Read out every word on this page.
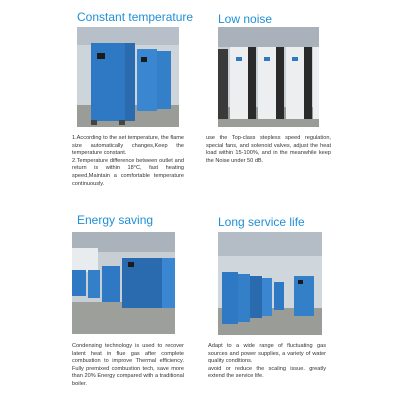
Constant temperature

1.According to the set temperature, the flame size automatically changes,Keep the temperature constant.

2.Temperature difference between outlet and return is within 18°C, fast heating speed,Maintain a comfortable temperature continuously.

Low noise

use the Top-class stepless speed regulation, special fans, and solenoid valves, adjust the heat load within 15-100%, and in the meanwhile keep the Noise under 50 dB.

Energy saving

Condensing technology is used to recover latent heat in flue gas after complete combustion to improve Thermal efficiency. Fully premixed combustion tech, save more than 20% Energy compared with a traditional boiler.

Long service life

Adapt to a wide range of fluctuating gas sources and power supplies, a variety of water quality conditions.

avoid or reduce the scaling issue. greatly extend the service life.
